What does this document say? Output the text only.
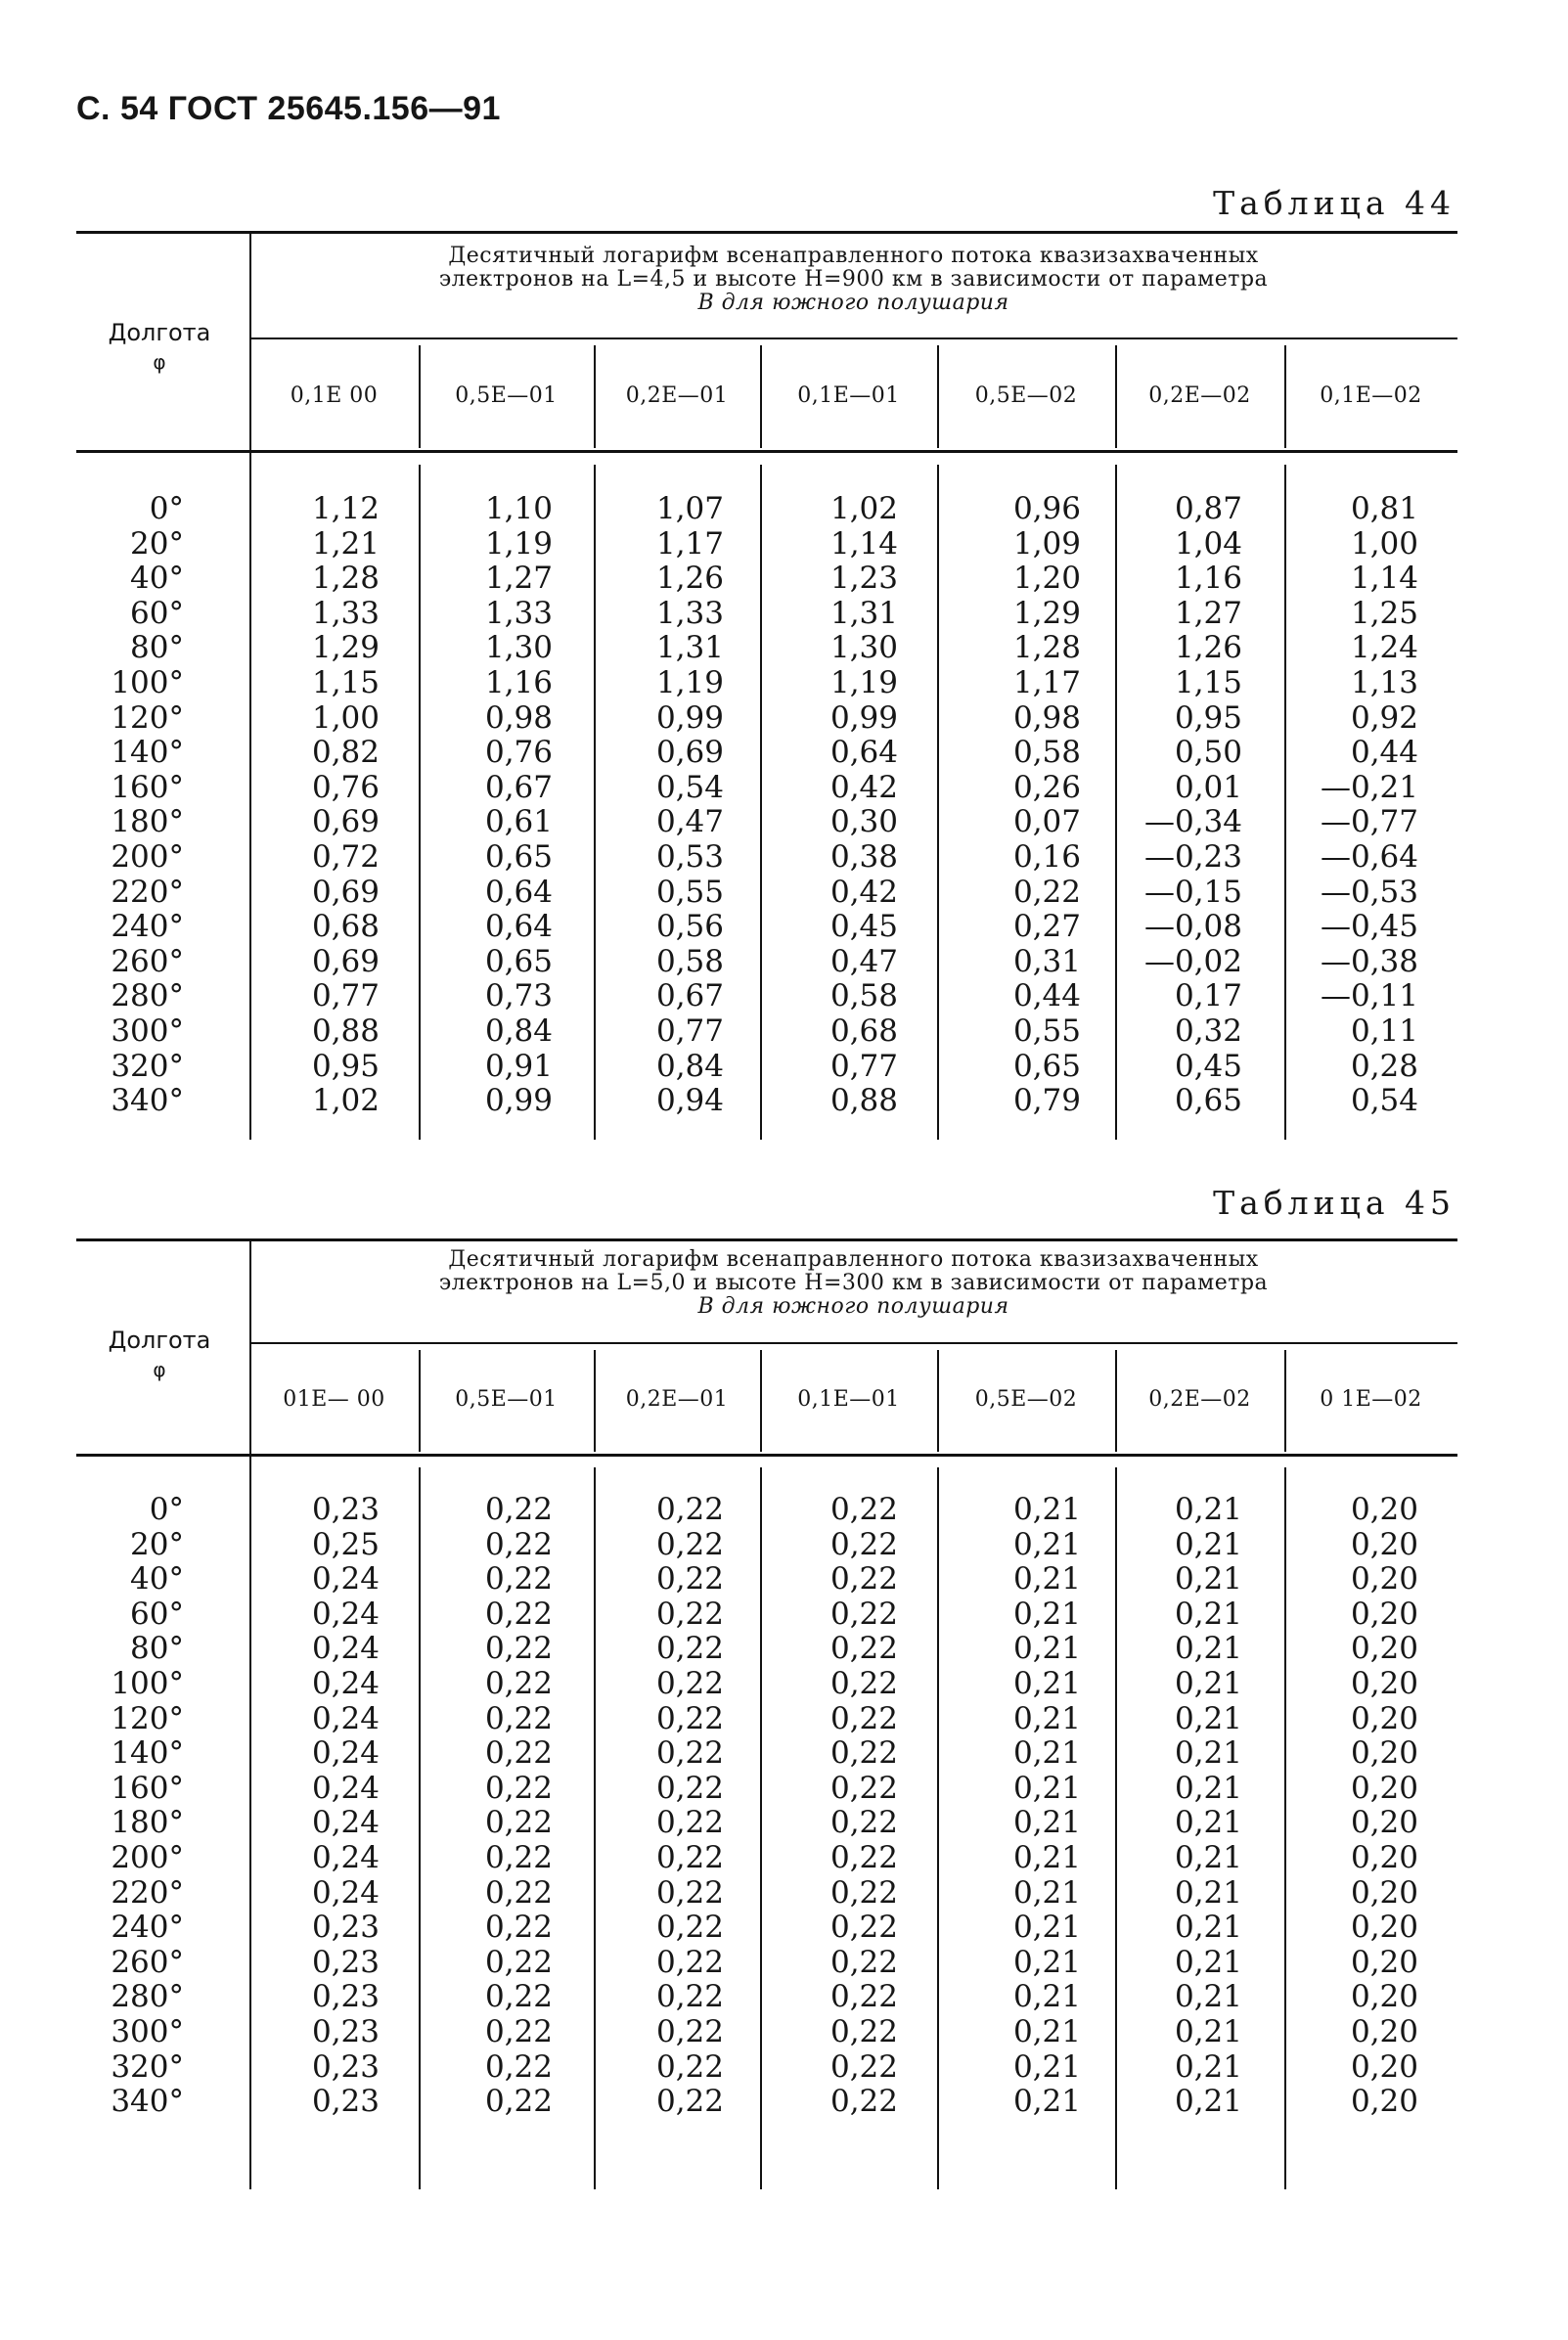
С. 54 ГОСТ 25645.156—91
Таблица 44
Десятичный логарифм всенаправленного потока квазизахваченных
электронов на L=4,5 и высоте H=900 км в зависимости от параметра
B для южного полушария
Долгота
φ
0,1E 00	0,5E—01	0,2E—01	0,1E—01	0,5E—02	0,2E—02	0,1E—02
0°	1,12	1,10	1,07	1,02	0,96	0,87	0,81
20°	1,21	1,19	1,17	1,14	1,09	1,04	1,00
40°	1,28	1,27	1,26	1,23	1,20	1,16	1,14
60°	1,33	1,33	1,33	1,31	1,29	1,27	1,25
80°	1,29	1,30	1,31	1,30	1,28	1,26	1,24
100°	1,15	1,16	1,19	1,19	1,17	1,15	1,13
120°	1,00	0,98	0,99	0,99	0,98	0,95	0,92
140°	0,82	0,76	0,69	0,64	0,58	0,50	0,44
160°	0,76	0,67	0,54	0,42	0,26	0,01	—0,21
180°	0,69	0,61	0,47	0,30	0,07	—0,34	—0,77
200°	0,72	0,65	0,53	0,38	0,16	—0,23	—0,64
220°	0,69	0,64	0,55	0,42	0,22	—0,15	—0,53
240°	0,68	0,64	0,56	0,45	0,27	—0,08	—0,45
260°	0,69	0,65	0,58	0,47	0,31	—0,02	—0,38
280°	0,77	0,73	0,67	0,58	0,44	0,17	—0,11
300°	0,88	0,84	0,77	0,68	0,55	0,32	0,11
320°	0,95	0,91	0,84	0,77	0,65	0,45	0,28
340°	1,02	0,99	0,94	0,88	0,79	0,65	0,54
Таблица 45
Десятичный логарифм всенаправленного потока квазизахваченных
электронов на L=5,0 и высоте H=300 км в зависимости от параметра
B для южного полушария
Долгота
φ
01E— 00	0,5E—01	0,2E—01	0,1E—01	0,5E—02	0,2E—02	0 1E—02
0°	0,23	0,22	0,22	0,22	0,21	0,21	0,20
20°	0,25	0,22	0,22	0,22	0,21	0,21	0,20
40°	0,24	0,22	0,22	0,22	0,21	0,21	0,20
60°	0,24	0,22	0,22	0,22	0,21	0,21	0,20
80°	0,24	0,22	0,22	0,22	0,21	0,21	0,20
100°	0,24	0,22	0,22	0,22	0,21	0,21	0,20
120°	0,24	0,22	0,22	0,22	0,21	0,21	0,20
140°	0,24	0,22	0,22	0,22	0,21	0,21	0,20
160°	0,24	0,22	0,22	0,22	0,21	0,21	0,20
180°	0,24	0,22	0,22	0,22	0,21	0,21	0,20
200°	0,24	0,22	0,22	0,22	0,21	0,21	0,20
220°	0,24	0,22	0,22	0,22	0,21	0,21	0,20
240°	0,23	0,22	0,22	0,22	0,21	0,21	0,20
260°	0,23	0,22	0,22	0,22	0,21	0,21	0,20
280°	0,23	0,22	0,22	0,22	0,21	0,21	0,20
300°	0,23	0,22	0,22	0,22	0,21	0,21	0,20
320°	0,23	0,22	0,22	0,22	0,21	0,21	0,20
340°	0,23	0,22	0,22	0,22	0,21	0,21	0,20
